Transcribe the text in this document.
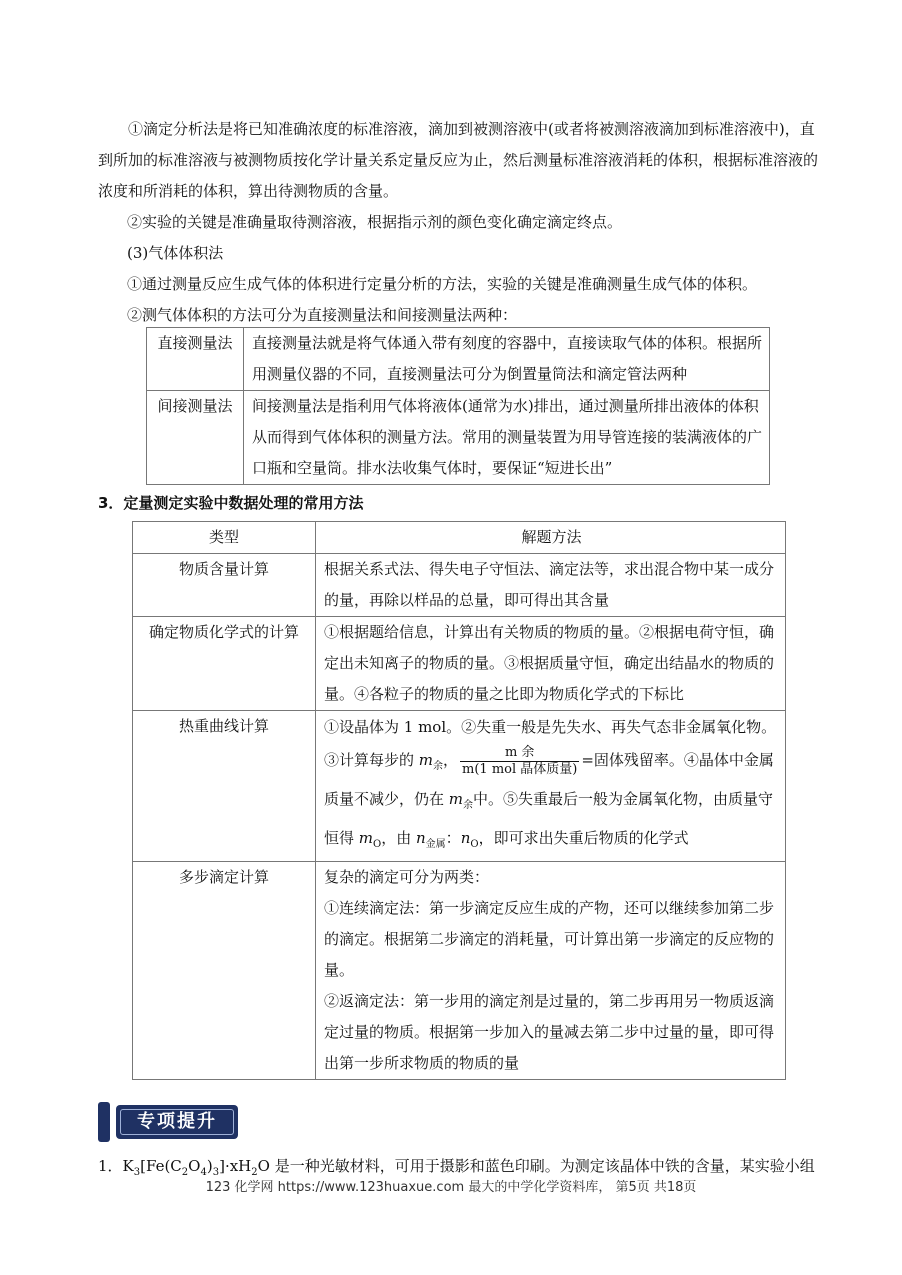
①滴定分析法是将已知准确浓度的标准溶液，滴加到被测溶液中(或者将被测溶液滴加到标准溶液中)，直到所加的标准溶液与被测物质按化学计量关系定量反应为止，然后测量标准溶液消耗的体积，根据标准溶液的浓度和所消耗的体积，算出待测物质的含量。
②实验的关键是准确量取待测溶液，根据指示剂的颜色变化确定滴定终点。
(3)气体体积法
①通过测量反应生成气体的体积进行定量分析的方法，实验的关键是准确测量生成气体的体积。
②测气体体积的方法可分为直接测量法和间接测量法两种：
直接测量法	直接测量法就是将气体通入带有刻度的容器中，直接读取气体的体积。根据所用测量仪器的不同，直接测量法可分为倒置量筒法和滴定管法两种
间接测量法	间接测量法是指利用气体将液体(通常为水)排出，通过测量所排出液体的体积从而得到气体体积的测量方法。常用的测量装置为用导管连接的装满液体的广口瓶和空量筒。排水法收集气体时，要保证“短进长出”
3．定量测定实验中数据处理的常用方法
类型	解题方法
物质含量计算	根据关系式法、得失电子守恒法、滴定法等，求出混合物中某一成分的量，再除以样品的总量，即可得出其含量
确定物质化学式的计算	①根据题给信息，计算出有关物质的物质的量。②根据电荷守恒，确定出未知离子的物质的量。③根据质量守恒，确定出结晶水的物质的量。④各粒子的物质的量之比即为物质化学式的下标比
热重曲线计算	①设晶体为 1 mol。②失重一般是先失水、再失气态非金属氧化物。③计算每步的 $m_余$， $\frac{\text{m 余}}{\text{m(1 mol 晶体质量)}}$ =固体残留率。④晶体中金属质量不减少，仍在 $m_余$中。⑤失重最后一般为金属氧化物，由质量守恒得 $m_O$，由 $n_{金属}$：$n_O$，即可求出失重后物质的化学式
多步滴定计算	复杂的滴定可分为两类：
①连续滴定法：第一步滴定反应生成的产物，还可以继续参加第二步的滴定。根据第二步滴定的消耗量，可计算出第一步滴定的反应物的量。
②返滴定法：第一步用的滴定剂是过量的，第二步再用另一物质返滴定过量的物质。根据第一步加入的量减去第二步中过量的量，即可得出第一步所求物质的物质的量
专项提升
1．$K_3[Fe(C_2O_4)_3]\cdot xH_2O$ 是一种光敏材料，可用于摄影和蓝色印刷。为测定该晶体中铁的含量，某实验小组
123 化学网 https://www.123huaxue.com 最大的中学化学资料库， 第5页 共18页
